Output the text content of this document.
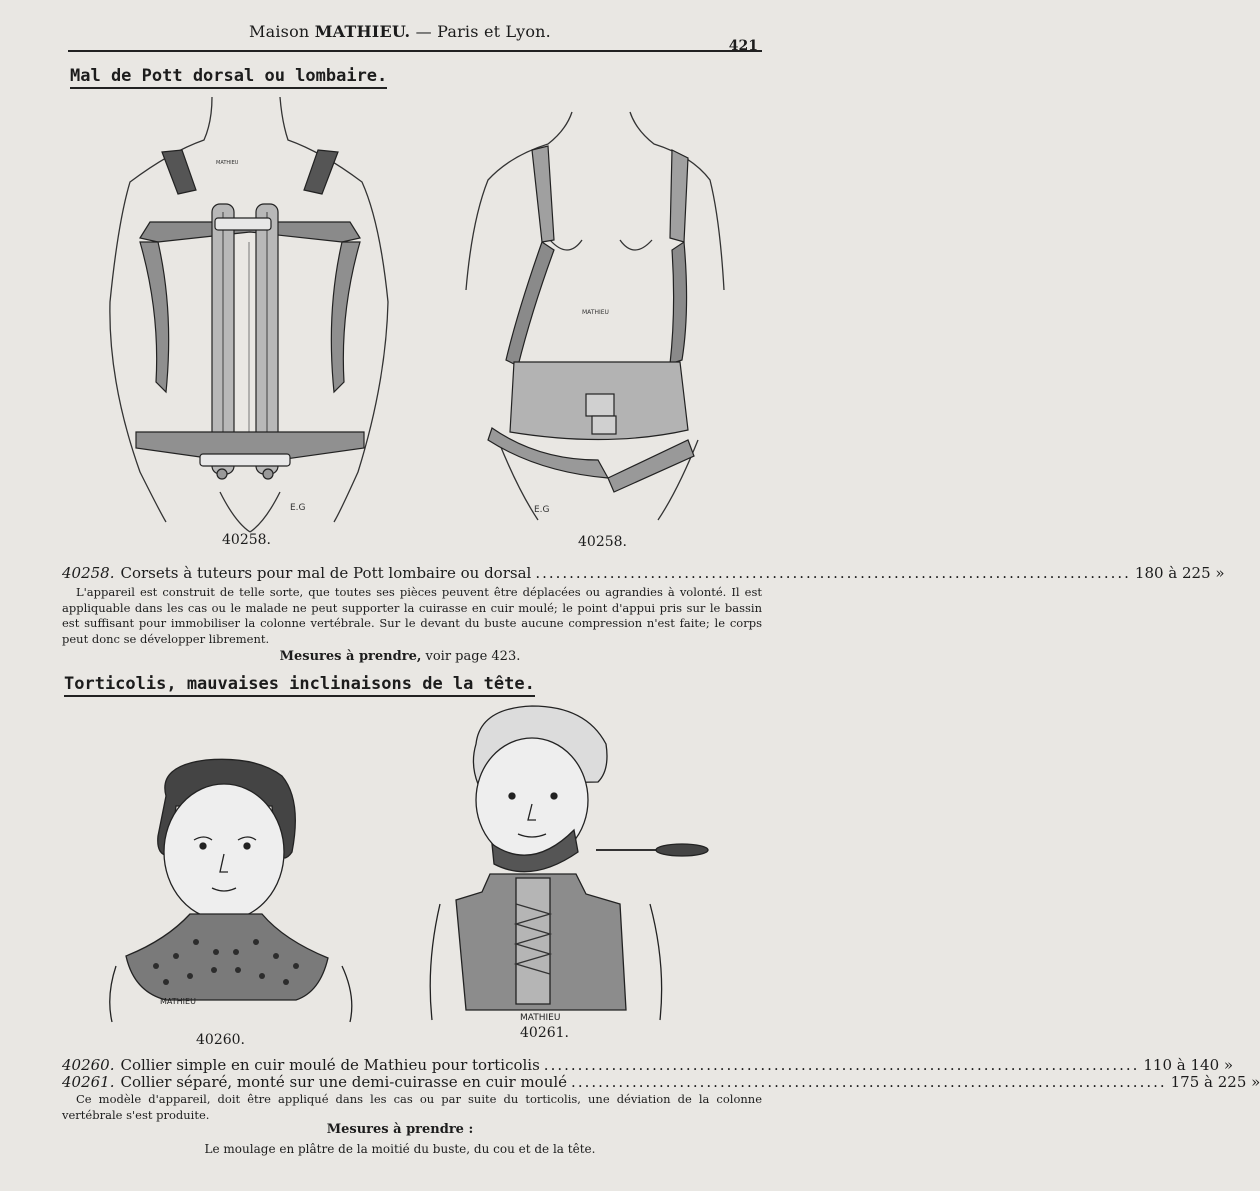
Maison MATHIEU. — Paris et Lyon.
421
Mal de Pott dorsal ou lombaire.
MATHIEU
E.G
40258.
MATHIEU
E.G
40258.
40258. Corsets à tuteurs pour mal de Pott lombaire ou dorsal ........................................................................................ 180 à 225 »
L'appareil est construit de telle sorte, que toutes ses pièces peuvent être déplacées ou agrandies à volonté. Il est appliquable dans les cas ou le malade ne peut supporter la cuirasse en cuir moulé; le point d'appui pris sur le bassin est suffisant pour immobiliser la colonne vertébrale. Sur le devant du buste aucune compression n'est faite; le corps peut donc se développer librement.
Mesures à prendre, voir page 423.
Torticolis, mauvaises inclinaisons de la tête.
MATHIEU
40260.
MATHIEU
40261.
40260. Collier simple en cuir moulé de Mathieu pour torticolis ........................................................................................ 110 à 140 »
40261. Collier séparé, monté sur une demi-cuirasse en cuir moulé ........................................................................................ 175 à 225 »
Ce modèle d'appareil, doit être appliqué dans les cas ou par suite du torticolis, une déviation de la colonne vertébrale s'est produite.
Mesures à prendre :
Le moulage en plâtre de la moitié du buste, du cou et de la tête.
